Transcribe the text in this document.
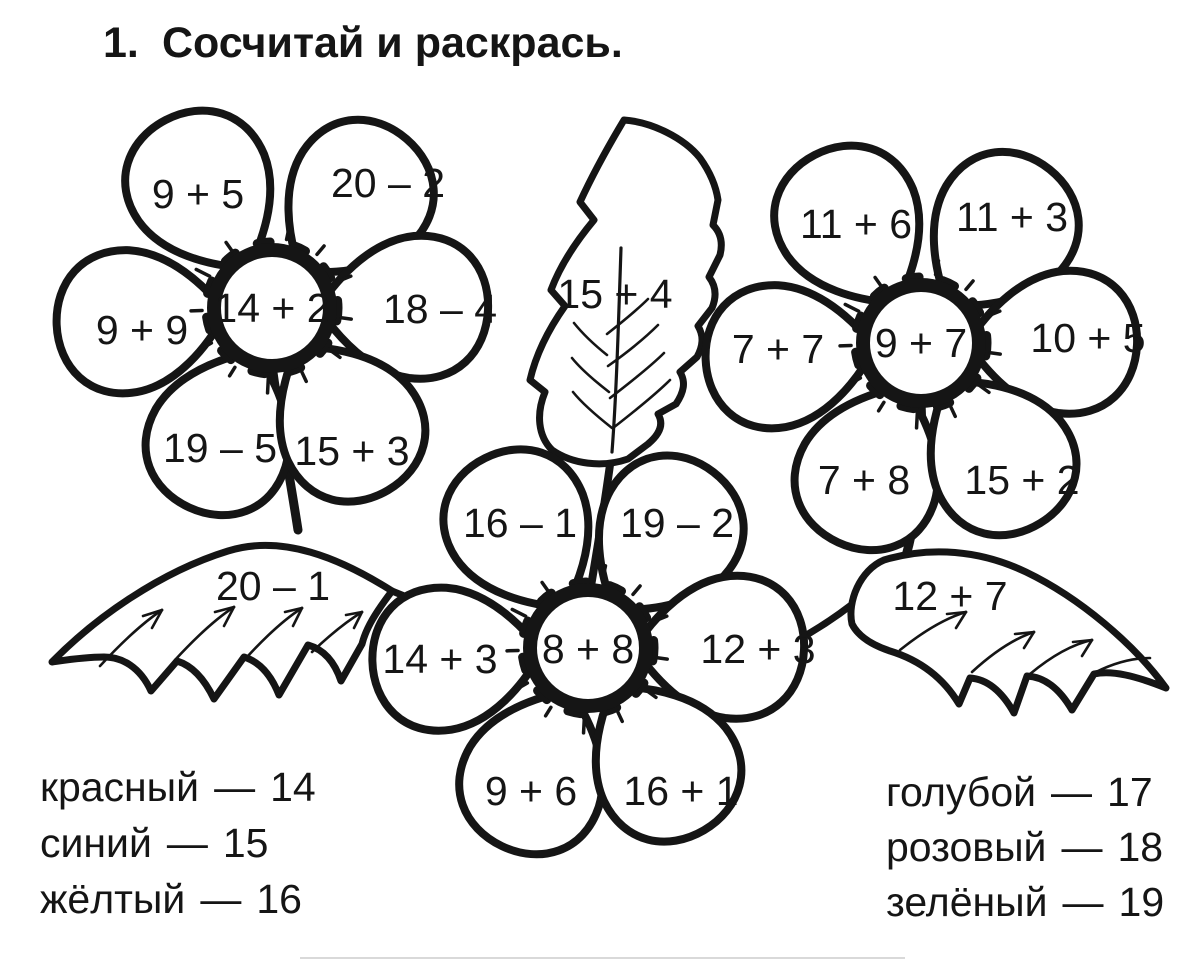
15 + 4
20 – 1	12 + 7
14 + 2
9 + 5 20 – 2
9 + 9	18 – 4
19 – 5 15 + 3
9 + 7
11 + 6 11 + 3
7 + 7	10 + 5
7 + 8 15 + 2
8 + 8
16 – 1 19 – 2
14 + 3	12 + 3
9 + 6 16 + 1
1. Сосчитай и раскрась.
красный — 14
синий — 15
жёлтый — 16
голубой — 17
розовый — 18
зелёный — 19
